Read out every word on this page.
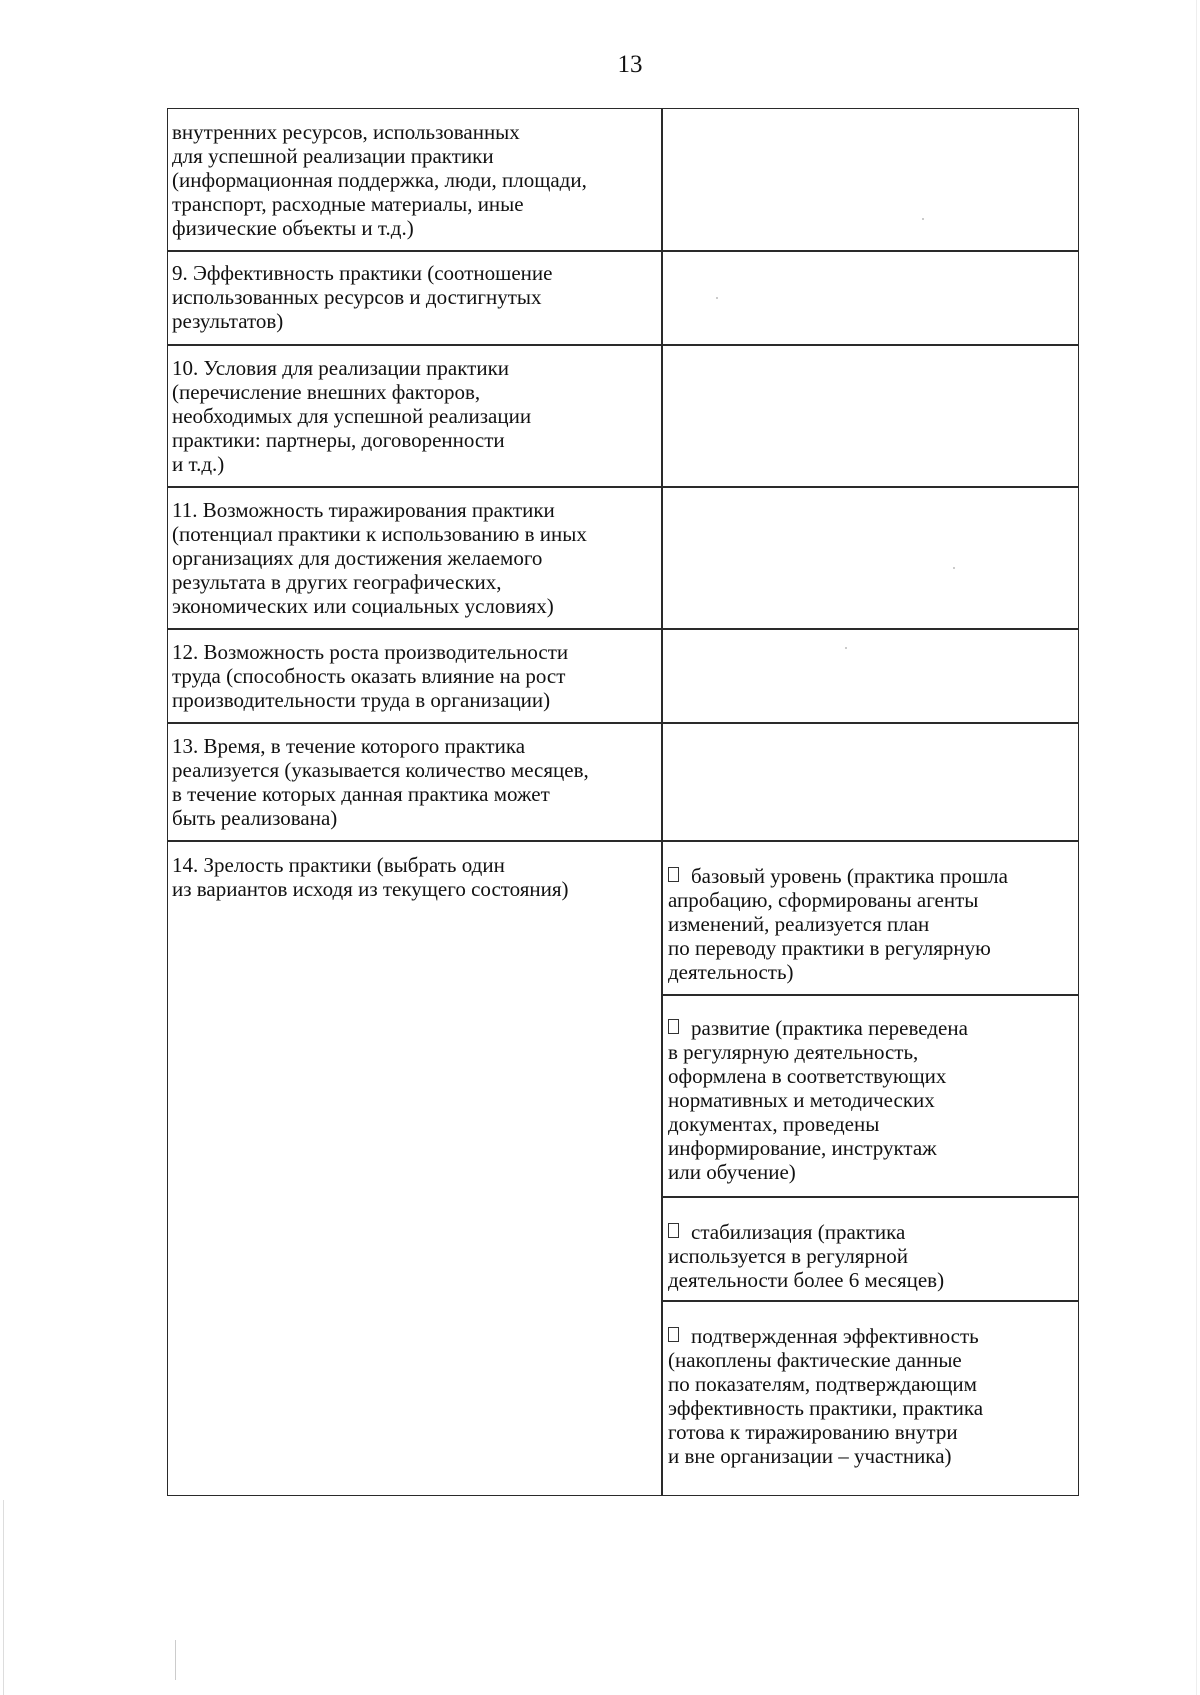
13
внутренних ресурсов, использованных
для успешной реализации практики
(информационная поддержка, люди, площади,
транспорт, расходные материалы, иные
физические объекты и т.д.)
9. Эффективность практики (соотношение
использованных ресурсов и достигнутых
результатов)
10. Условия для реализации практики
(перечисление внешних факторов,
необходимых для успешной реализации
практики: партнеры, договоренности
и т.д.)
11. Возможность тиражирования практики
(потенциал практики к использованию в иных
организациях для достижения желаемого
результата в других географических,
экономических или социальных условиях)
12. Возможность роста производительности
труда (способность оказать влияние на рост
производительности труда в организации)
13. Время, в течение которого практика
реализуется (указывается количество месяцев,
в течение которых данная практика может
быть реализована)
14. Зрелость практики (выбрать один
из вариантов исходя из текущего состояния)
базовый уровень (практика прошла
апробацию, сформированы агенты
изменений, реализуется план
по переводу практики в регулярную
деятельность)
развитие (практика переведена
в регулярную деятельность,
оформлена в соответствующих
нормативных и методических
документах, проведены
информирование, инструктаж
или обучение)
стабилизация (практика
используется в регулярной
деятельности более 6 месяцев)
подтвержденная эффективность
(накоплены фактические данные
по показателям, подтверждающим
эффективность практики, практика
готова к тиражированию внутри
и вне организации – участника)
